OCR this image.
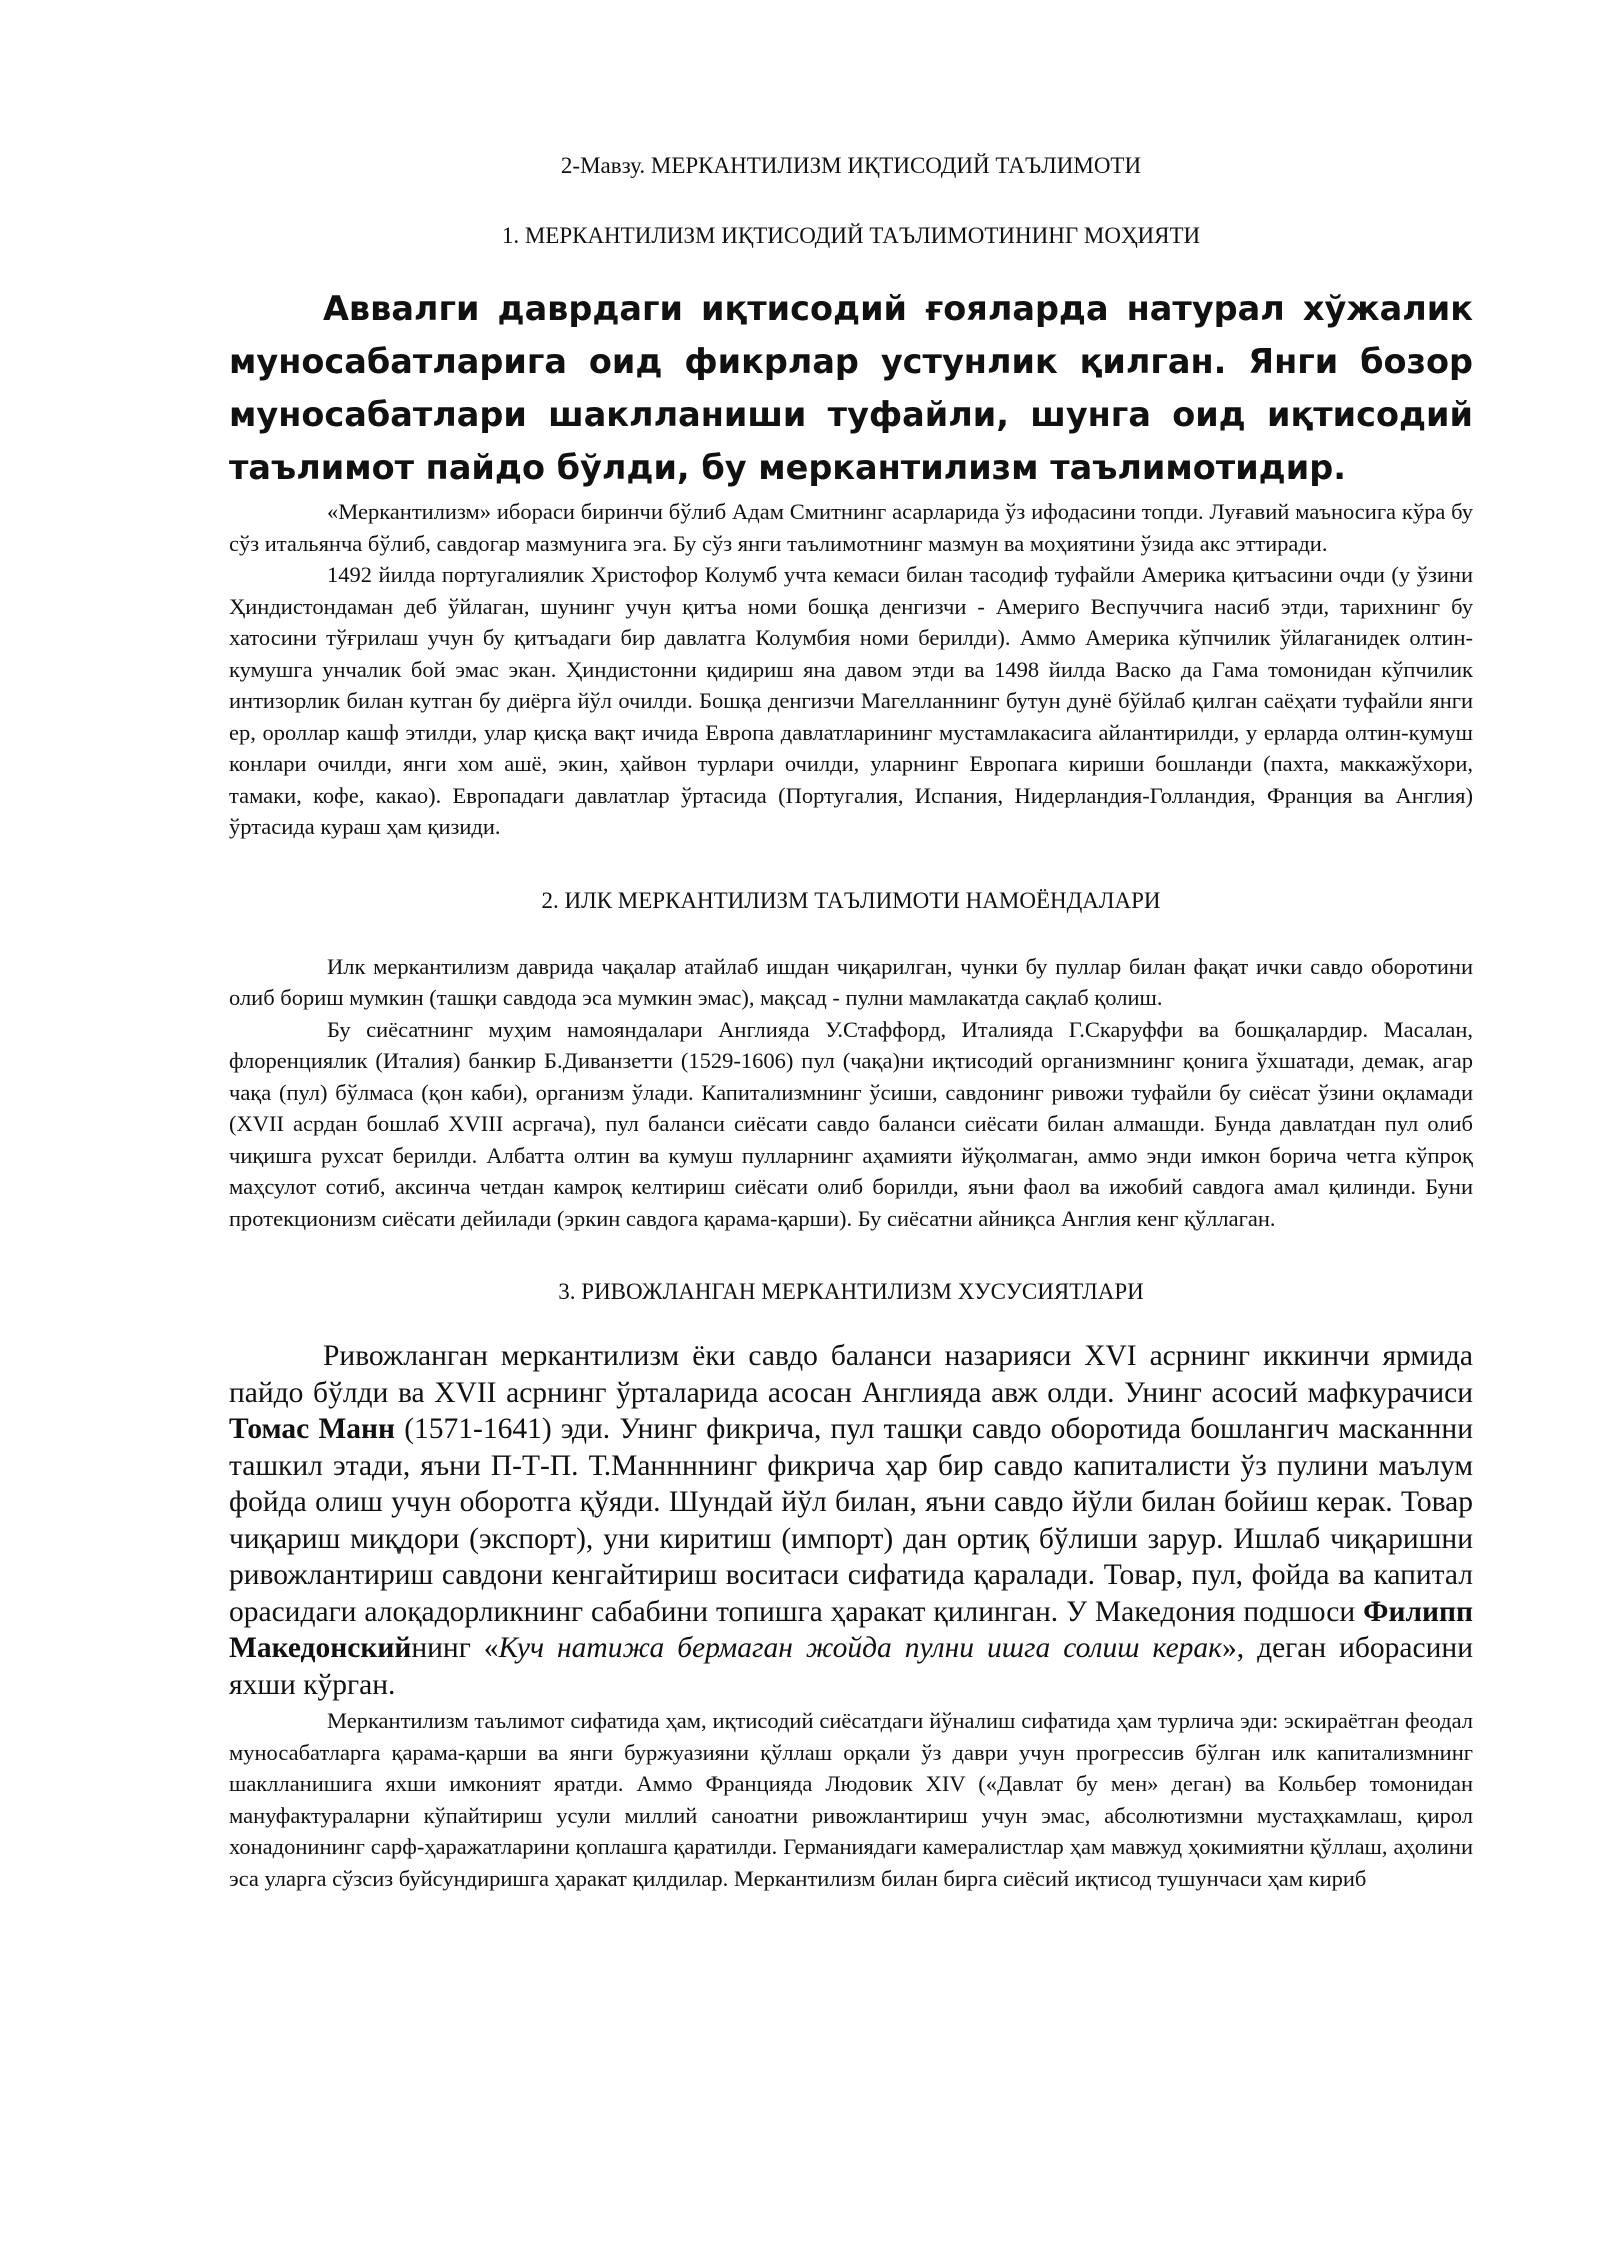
2-Мавзу. МЕРКАНТИЛИЗМ ИҚТИСОДИЙ ТАЪЛИМОТИ

1. МЕРКАНТИЛИЗМ ИҚТИСОДИЙ ТАЪЛИМОТИНИНГ МОҲИЯТИ

Аввалги даврдаги иқтисодий ғояларда натурал хўжалик муносабатларига оид фикрлар устунлик қилган. Янги бозор муносабатлари шаклланиши туфайли, шунга оид иқтисодий таълимот пайдо бўлди, бу меркантилизм таълимотидир.

«Меркантилизм» ибораси биринчи бўлиб Адам Смитнинг асарларида ўз ифодасини топди. Луғавий маъносига кўра бу сўз итальянча бўлиб, савдогар мазмунига эга. Бу сўз янги таълимотнинг мазмун ва моҳиятини ўзида акс эттиради.

1492 йилда португалиялик Христофор Колумб учта кемаси билан тасодиф туфайли Америка қитъасини очди (у ўзини Ҳиндистондаман деб ўйлаган, шунинг учун қитъа номи бошқа денгизчи - Америго Веспуччига насиб этди, тарихнинг бу хатосини тўғрилаш учун бу қитъадаги бир давлатга Колумбия номи берилди). Аммо Америка кўпчилик ўйлаганидек олтин-кумушга унчалик бой эмас экан. Ҳиндистонни қидириш яна давом этди ва 1498 йилда Васко да Гама томонидан кўпчилик интизорлик билан кутган бу диёрга йўл очилди. Бошқа денгизчи Магелланнинг бутун дунё бўйлаб қилган саёҳати туфайли янги ер, ороллар кашф этилди, улар қисқа вақт ичида Европа давлатларининг мустамлакасига айлантирилди, у ерларда олтин-кумуш конлари очилди, янги хом ашё, экин, ҳайвон турлари очилди, уларнинг Европага кириши бошланди (пахта, маккажўхори, тамаки, кофе, какао). Европадаги давлатлар ўртасида (Португалия, Испания, Нидерландия-Голландия, Франция ва Англия) ўртасида кураш ҳам қизиди.

2. ИЛК МЕРКАНТИЛИЗМ ТАЪЛИМОТИ НАМОЁНДАЛАРИ

Илк меркантилизм даврида чақалар атайлаб ишдан чиқарилган, чунки бу пуллар билан фақат ички савдо оборотини олиб бориш мумкин (ташқи савдода эса мумкин эмас), мақсад - пулни мамлакатда сақлаб қолиш.

Бу сиёсатнинг муҳим намояндалари Англияда У.Стаффорд, Италияда Г.Скаруффи ва бошқалардир. Масалан, флоренциялик (Италия) банкир Б.Диванзетти (1529-1606) пул (чақа)ни иқтисодий организмнинг қонига ўхшатади, демак, агар чақа (пул) бўлмаса (қон каби), организм ўлади. Капитализмнинг ўсиши, савдонинг ривожи туфайли бу сиёсат ўзини оқламади (XVII асрдан бошлаб XVIII асргача), пул баланси сиёсати савдо баланси сиёсати билан алмашди. Бунда давлатдан пул олиб чиқишга рухсат берилди. Албатта олтин ва кумуш пулларнинг аҳамияти йўқолмаган, аммо энди имкон борича четга кўпроқ маҳсулот сотиб, аксинча четдан камроқ келтириш сиёсати олиб борилди, яъни фаол ва ижобий савдога амал қилинди. Буни протекционизм сиёсати дейилади (эркин савдога қарама-қарши). Бу сиёсатни айниқса Англия кенг қўллаган.

3. РИВОЖЛАНГАН МЕРКАНТИЛИЗМ ХУСУСИЯТЛАРИ

Ривожланган меркантилизм ёки савдо баланси назарияси XVI асрнинг иккинчи ярмида пайдо бўлди ва XVII асрнинг ўрталарида асосан Англияда авж олди. Унинг асосий мафкурачиси Томас Манн (1571-1641) эди. Унинг фикрича, пул ташқи савдо оборотида бошлангич масканнни ташкил этади, яъни П-Т-П. Т.Маннннинг фикрича ҳар бир савдо капиталисти ўз пулини маълум фойда олиш учун оборотга қўяди. Шундай йўл билан, яъни савдо йўли билан бойиш керак. Товар чиқариш миқдори (экспорт), уни киритиш (импорт) дан ортиқ бўлиши зарур. Ишлаб чиқаришни ривожлантириш савдони кенгайтириш воситаси сифатида қаралади. Товар, пул, фойда ва капитал орасидаги алоқадорликнинг сабабини топишга ҳаракат қилинган. У Македония подшоси Филипп Македонскийнинг «Куч натижа бермаган жойда пулни ишга солиш керак», деган иборасини яхши кўрган.

Меркантилизм таълимот сифатида ҳам, иқтисодий сиёсатдаги йўналиш сифатида ҳам турлича эди: эскираётган феодал муносабатларга қарама-қарши ва янги буржуазияни қўллаш орқали ўз даври учун прогрессив бўлган илк капитализмнинг шаклланишига яхши имконият яратди. Аммо Францияда Людовик XIV («Давлат бу мен» деган) ва Кольбер томонидан мануфактураларни кўпайтириш усули миллий саноатни ривожлантириш учун эмас, абсолютизмни мустаҳкамлаш, қирол хонадонининг сарф-ҳаражатларини қоплашга қаратилди. Германиядаги камералистлар ҳам мавжуд ҳокимиятни қўллаш, аҳолини эса уларга сўзсиз буйсундиришга ҳаракат қилдилар. Меркантилизм билан бирга сиёсий иқтисод тушунчаси ҳам кириб
